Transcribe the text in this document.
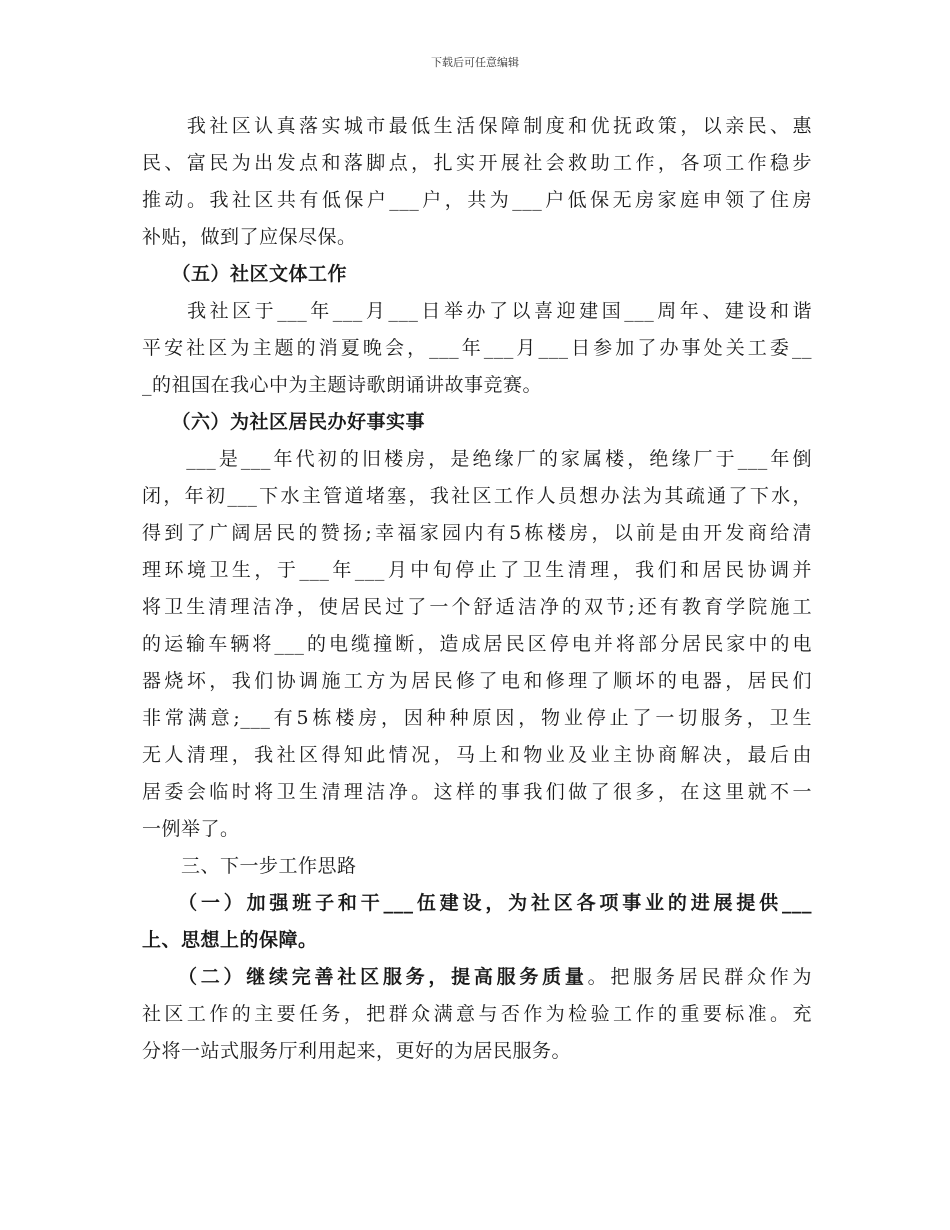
下载后可任意编辑
　　我社区认真落实城市最低生活保障制度和优抚政策，以亲民、惠
民、富民为出发点和落脚点，扎实开展社会救助工作，各项工作稳步
推动。我社区共有低保户___户，共为___户低保无房家庭申领了住房
补贴，做到了应保尽保。
　　（五）社区文体工作
　　我社区于___年___月___日举办了以喜迎建国___周年、建设和谐
平安社区为主题的消夏晚会，___年___月___日参加了办事处关工委__
_的祖国在我心中为主题诗歌朗诵讲故事竞赛。
　　（六）为社区居民办好事实事
　　___是___年代初的旧楼房，是绝缘厂的家属楼，绝缘厂于___年倒
闭，年初___下水主管道堵塞，我社区工作人员想办法为其疏通了下水，
得到了广阔居民的赞扬;幸福家园内有5栋楼房，以前是由开发商给清
理环境卫生，于___年___月中旬停止了卫生清理，我们和居民协调并
将卫生清理洁净，使居民过了一个舒适洁净的双节;还有教育学院施工
的运输车辆将___的电缆撞断，造成居民区停电并将部分居民家中的电
器烧坏，我们协调施工方为居民修了电和修理了顺坏的电器，居民们
非常满意;___有5栋楼房，因种种原因，物业停止了一切服务，卫生
无人清理，我社区得知此情况，马上和物业及业主协商解决，最后由
居委会临时将卫生清理洁净。这样的事我们做了很多，在这里就不一
一例举了。
　　三、下一步工作思路
　　（一）加强班子和干___伍建设，为社区各项事业的进展提供___
上、思想上的保障。
　　（二）继续完善社区服务，提高服务质量。把服务居民群众作为
社区工作的主要任务，把群众满意与否作为检验工作的重要标准。充
分将一站式服务厅利用起来，更好的为居民服务。
